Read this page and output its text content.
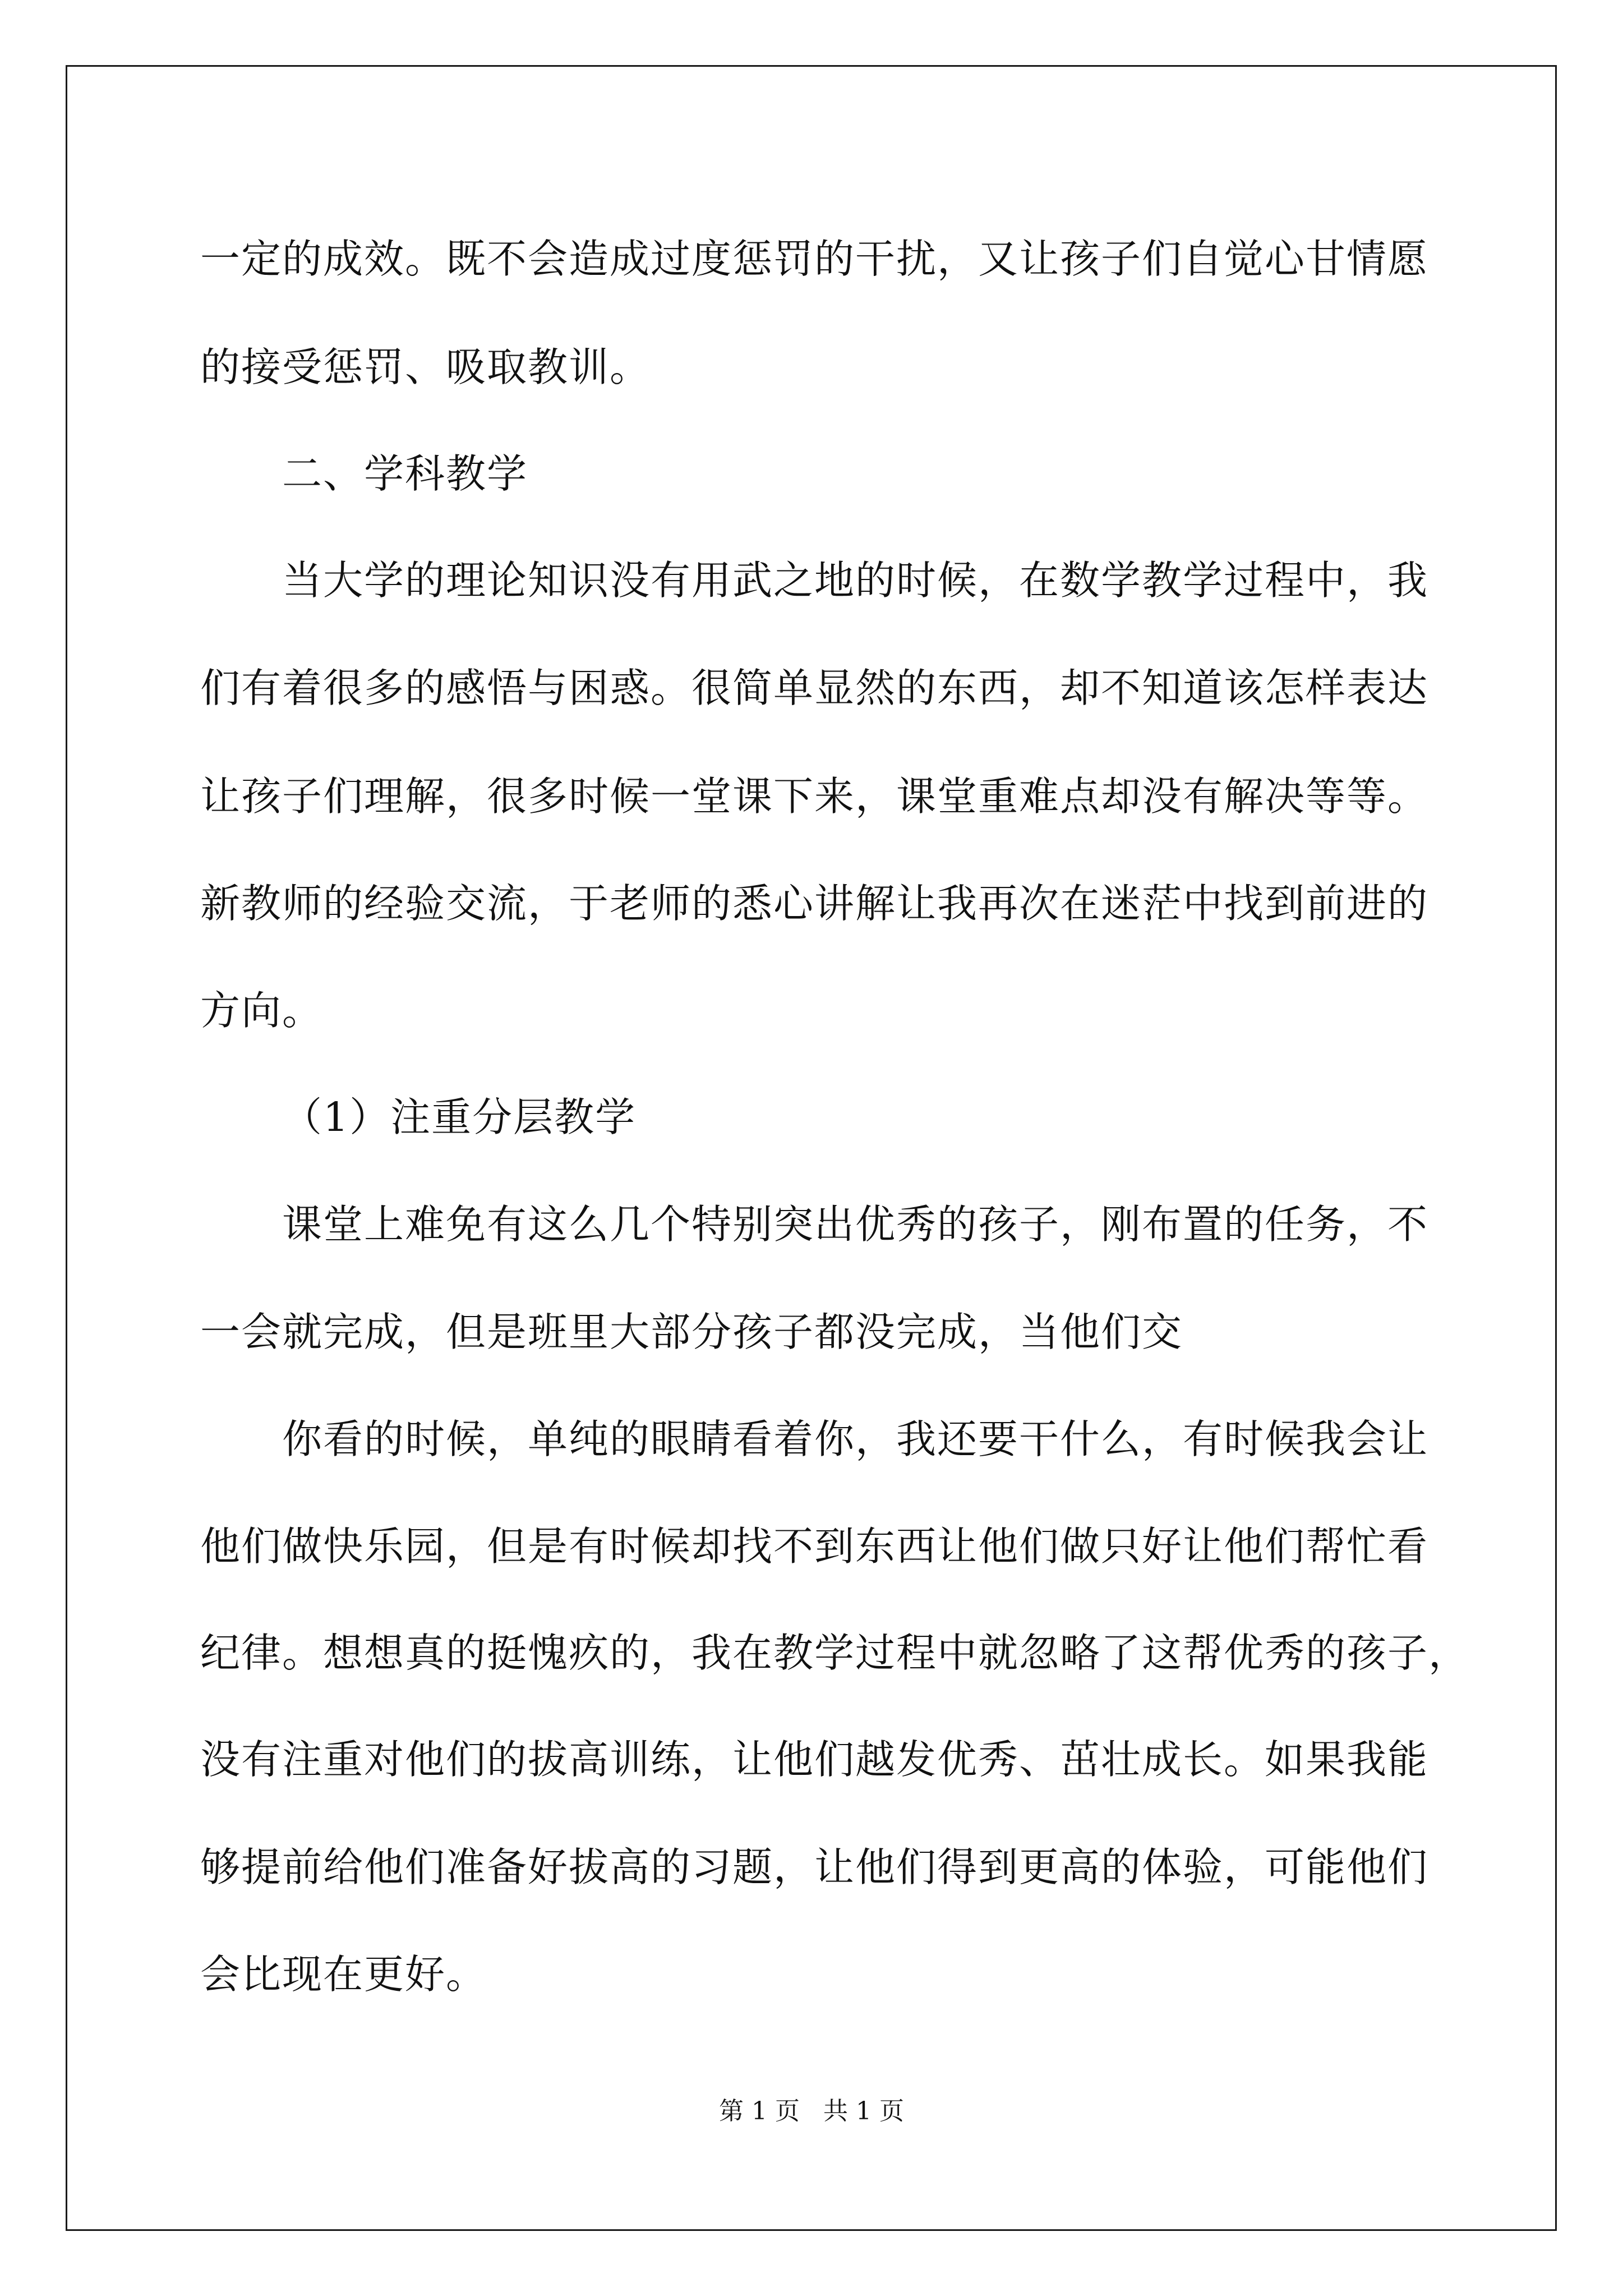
一定的成效。既不会造成过度惩罚的干扰，又让孩子们自觉心甘情愿
的接受惩罚、吸取教训。
二、学科教学
当大学的理论知识没有用武之地的时候，在数学教学过程中，我
们有着很多的感悟与困惑。很简单显然的东西，却不知道该怎样表达
让孩子们理解，很多时候一堂课下来，课堂重难点却没有解决等等。
新教师的经验交流，于老师的悉心讲解让我再次在迷茫中找到前进的
方向。
（1）注重分层教学
课堂上难免有这么几个特别突出优秀的孩子，刚布置的任务，不
一会就完成，但是班里大部分孩子都没完成，当他们交
你看的时候，单纯的眼睛看着你，我还要干什么，有时候我会让
他们做快乐园，但是有时候却找不到东西让他们做只好让他们帮忙看
纪律。想想真的挺愧疚的，我在教学过程中就忽略了这帮优秀的孩子，
没有注重对他们的拔高训练，让他们越发优秀、茁壮成长。如果我能
够提前给他们准备好拔高的习题，让他们得到更高的体验，可能他们
会比现在更好。
第 1 页 共 1 页
